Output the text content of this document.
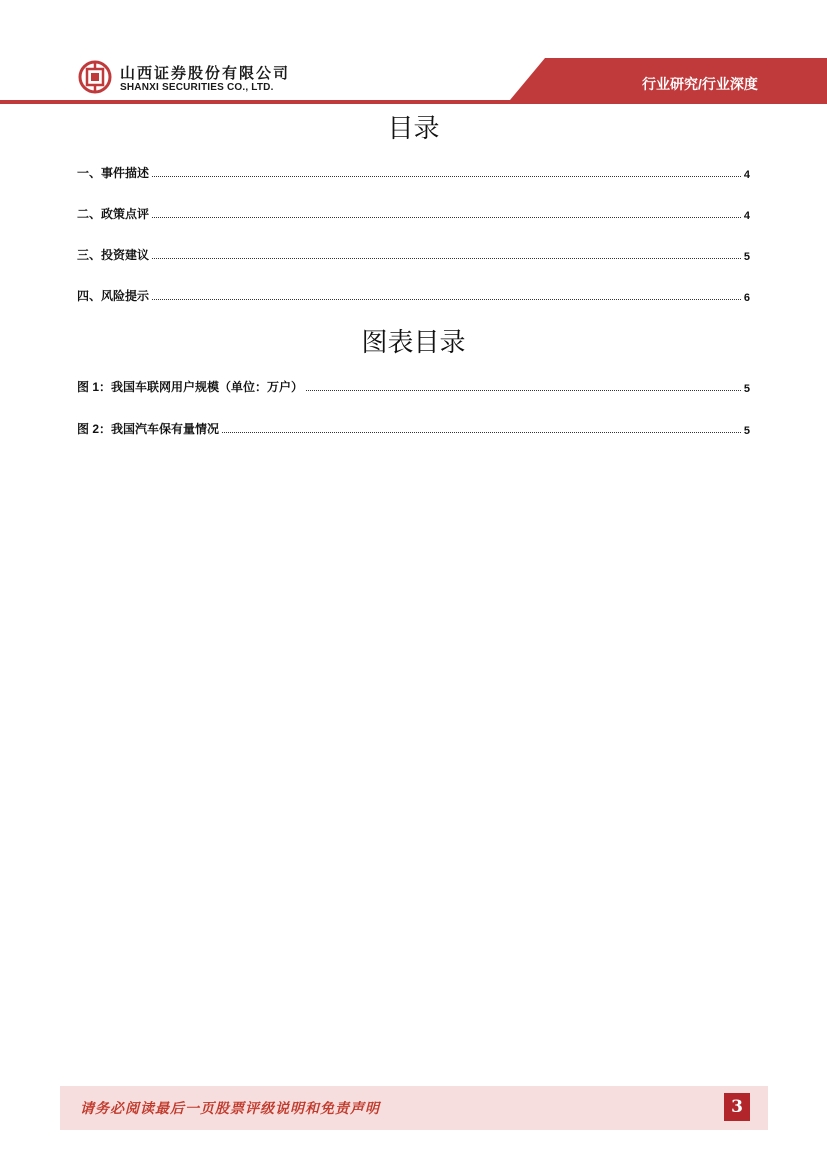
山西证券股份有限公司
SHANXI SECURITIES CO., LTD.	行业研究/行业深度
目录
一、事件描述	4
二、政策点评	4
三、投资建议	5
四、风险提示	6
图表目录
图 1：我国车联网用户规模（单位：万户）	5
图 2：我国汽车保有量情况	5
请务必阅读最后一页股票评级说明和免责声明	3
